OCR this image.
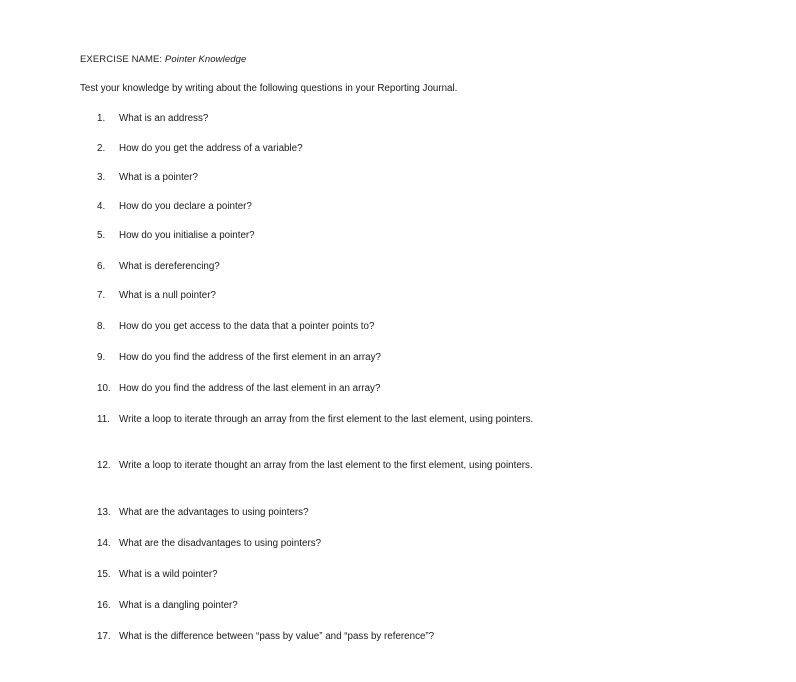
EXERCISE NAME: Pointer Knowledge
Test your knowledge by writing about the following questions in your Reporting Journal.
1.	What is an address?
2.	How do you get the address of a variable?
3.	What is a pointer?
4.	How do you declare a pointer?
5.	How do you initialise a pointer?
6.	What is dereferencing?
7.	What is a null pointer?
8.	How do you get access to the data that a pointer points to?
9.	How do you find the address of the first element in an array?
10. How do you find the address of the last element in an array?
11. Write a loop to iterate through an array from the first element to the last element, using pointers.
12. Write a loop to iterate thought an array from the last element to the first element, using pointers.
13. What are the advantages to using pointers?
14. What are the disadvantages to using pointers?
15. What is a wild pointer?
16. What is a dangling pointer?
17. What is the difference between “pass by value” and “pass by reference”?
